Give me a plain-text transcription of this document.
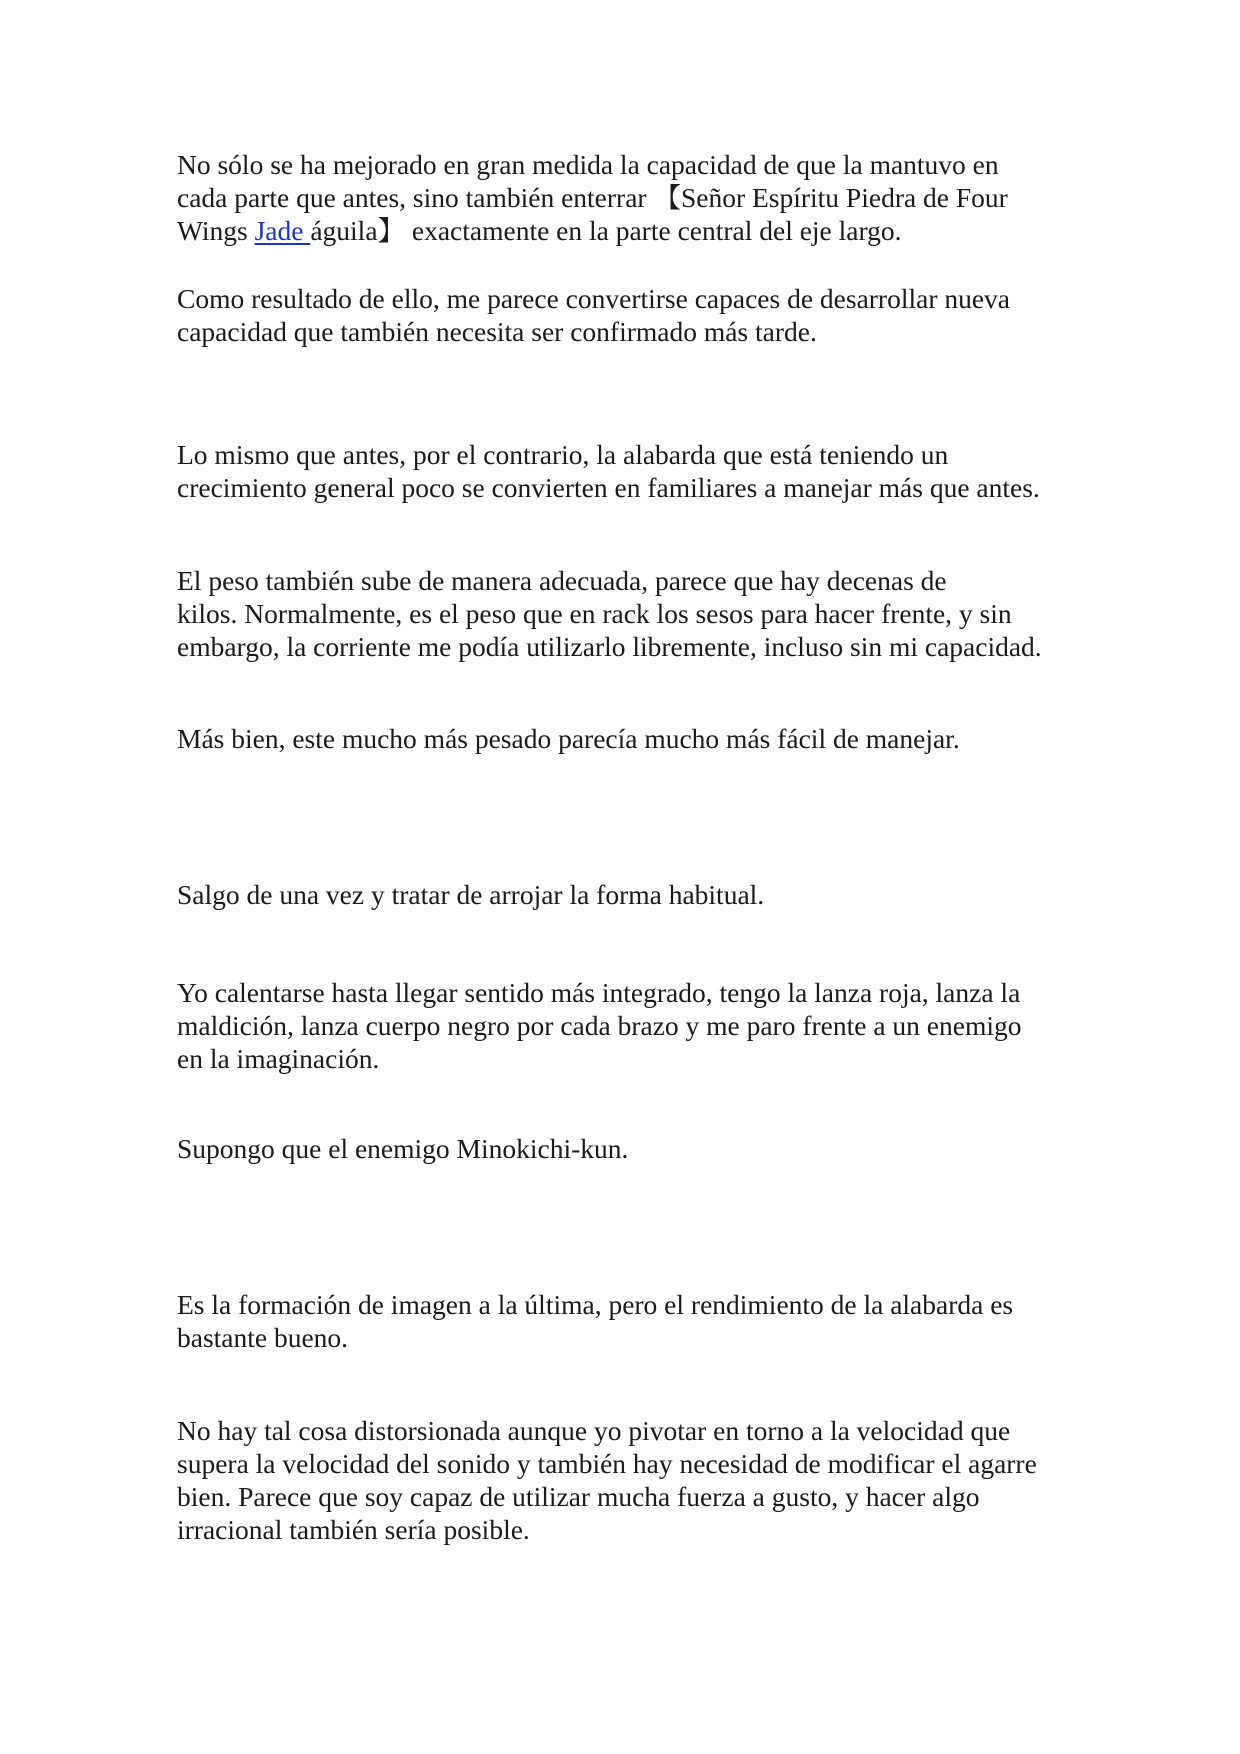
No sólo se ha mejorado en gran medida la capacidad de que la mantuvo en
cada parte que antes, sino también enterrar 【Señor Espíritu Piedra de Four
Wings Jade águila】 exactamente en la parte central del eje largo.

Como resultado de ello, me parece convertirse capaces de desarrollar nueva
capacidad que también necesita ser confirmado más tarde.

Lo mismo que antes, por el contrario, la alabarda que está teniendo un
crecimiento general poco se convierten en familiares a manejar más que antes.

El peso también sube de manera adecuada, parece que hay decenas de
kilos. Normalmente, es el peso que en rack los sesos para hacer frente, y sin
embargo, la corriente me podía utilizarlo libremente, incluso sin mi capacidad.

Más bien, este mucho más pesado parecía mucho más fácil de manejar.

Salgo de una vez y tratar de arrojar la forma habitual.

Yo calentarse hasta llegar sentido más integrado, tengo la lanza roja, lanza la
maldición, lanza cuerpo negro por cada brazo y me paro frente a un enemigo
en la imaginación.

Supongo que el enemigo Minokichi-kun.

Es la formación de imagen a la última, pero el rendimiento de la alabarda es
bastante bueno.

No hay tal cosa distorsionada aunque yo pivotar en torno a la velocidad que
supera la velocidad del sonido y también hay necesidad de modificar el agarre
bien. Parece que soy capaz de utilizar mucha fuerza a gusto, y hacer algo
irracional también sería posible.
